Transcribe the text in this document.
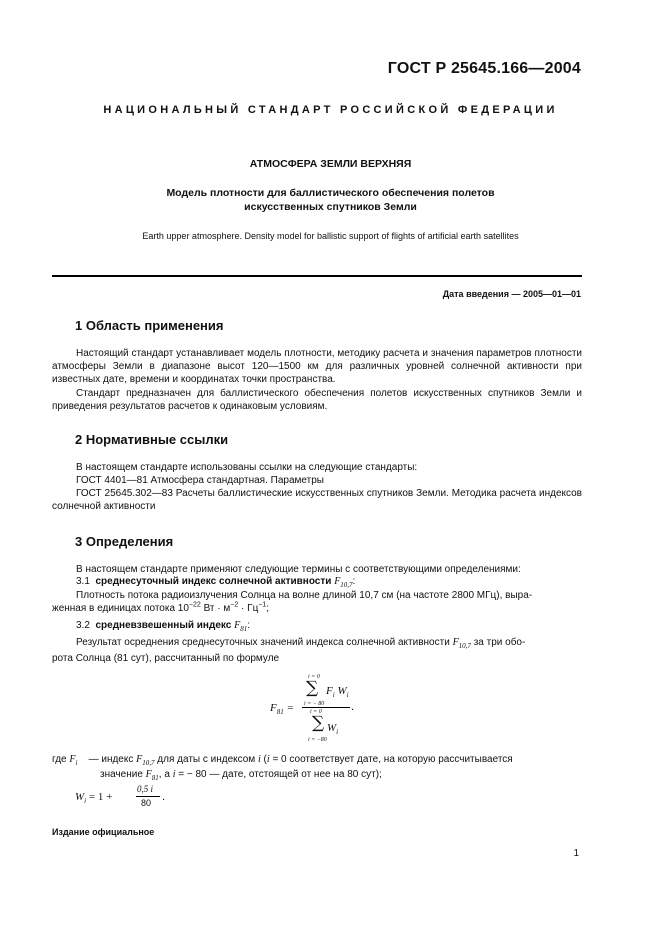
ГОСТ Р 25645.166—2004
НАЦИОНАЛЬНЫЙ СТАНДАРТ РОССИЙСКОЙ ФЕДЕРАЦИИ
АТМОСФЕРА ЗЕМЛИ ВЕРХНЯЯ
Модель плотности для баллистического обеспечения полетов
искусственных спутников Земли
Earth upper atmosphere. Density model for ballistic support of flights of artificial earth satellites
Дата введения — 2005—01—01
1 Область применения
Настоящий стандарт устанавливает модель плотности, методику расчета и значения параметров плотности атмосферы Земли в диапазоне высот 120—1500 км для различных уровней солнечной активности при известных дате, времени и координатах точки пространства.
Стандарт предназначен для баллистического обеспечения полетов искусственных спутников Земли и приведения результатов расчетов к одинаковым условиям.
2 Нормативные ссылки
В настоящем стандарте использованы ссылки на следующие стандарты:
ГОСТ 4401—81 Атмосфера стандартная. Параметры
ГОСТ 25645.302—83 Расчеты баллистические искусственных спутников Земли. Методика расчета индексов солнечной активности
3 Определения
В настоящем стандарте применяют следующие термины с соответствующими определениями:
3.1 среднесуточный индекс солнечной активности $F_{10,7}$:
Плотность потока радиоизлучения Солнца на волне длиной 10,7 см (на частоте 2800 МГц), выра-
женная в единицах потока $10^{-22}$ Вт · $м^{-2} \cdot Гц^{-1}$;
3.2 средневзвешенный индекс $F_{81}$:
Результат осреднения среднесуточных значений индекса солнечной активности $F_{10,7}$ за три обо-
рота Солнца (81 сут), рассчитанный по формуле
$F_{81}$ =
i = 0
∑ $F_i$ $W_i$
i = − 80 .
i = 0
∑ $W_i$
i = −80
где $F_i$ — индекс $F_{10,7}$ для даты с индексом i (i = 0 соответствует дате, на которую рассчитывается
значение $F_{81}$, а i = − 80 — дате, отстоящей от нее на 80 сут);
$W_i = 1$ +
0,5 i
80 .
Издание официальное
1
